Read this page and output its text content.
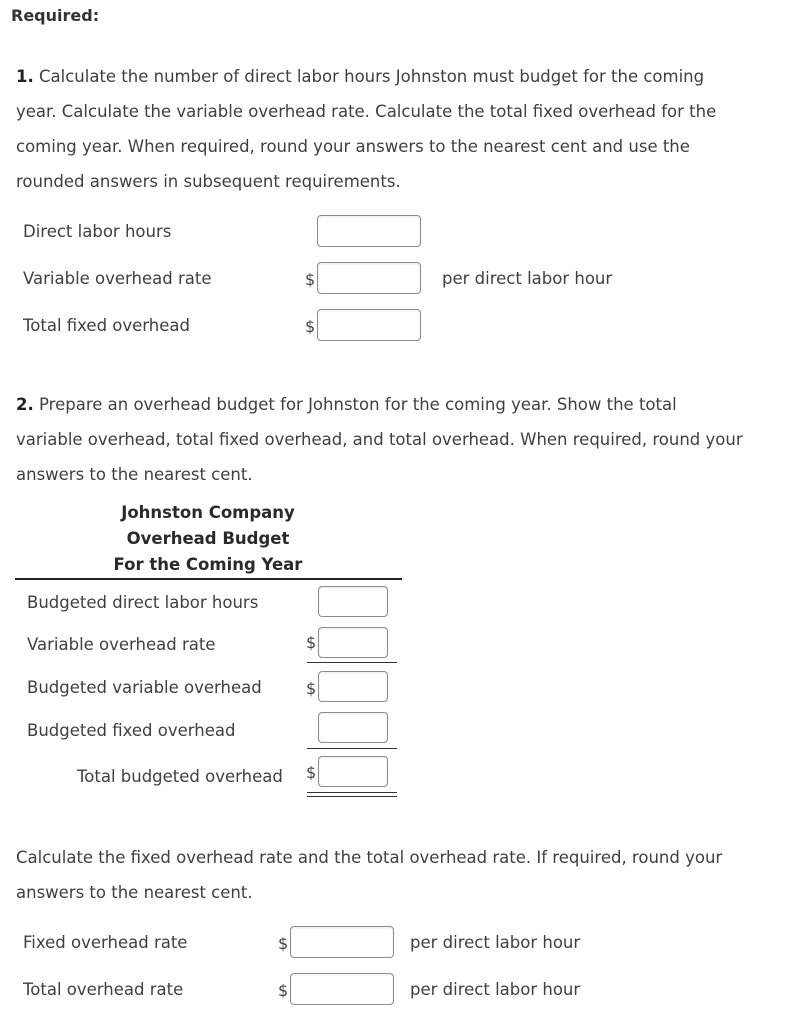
Required:
1. Calculate the number of direct labor hours Johnston must budget for the coming
year. Calculate the variable overhead rate. Calculate the total fixed overhead for the
coming year. When required, round your answers to the nearest cent and use the
rounded answers in subsequent requirements.
Direct labor hours
Variable overhead rate	$	per direct labor hour
Total fixed overhead	$
2. Prepare an overhead budget for Johnston for the coming year. Show the total
variable overhead, total fixed overhead, and total overhead. When required, round your
answers to the nearest cent.
Johnston Company
Overhead Budget
For the Coming Year
Budgeted direct labor hours
Variable overhead rate	$
Budgeted variable overhead	$
Budgeted fixed overhead
Total budgeted overhead $
Calculate the fixed overhead rate and the total overhead rate. If required, round your
answers to the nearest cent.
Fixed overhead rate	$	per direct labor hour
Total overhead rate	$	per direct labor hour
